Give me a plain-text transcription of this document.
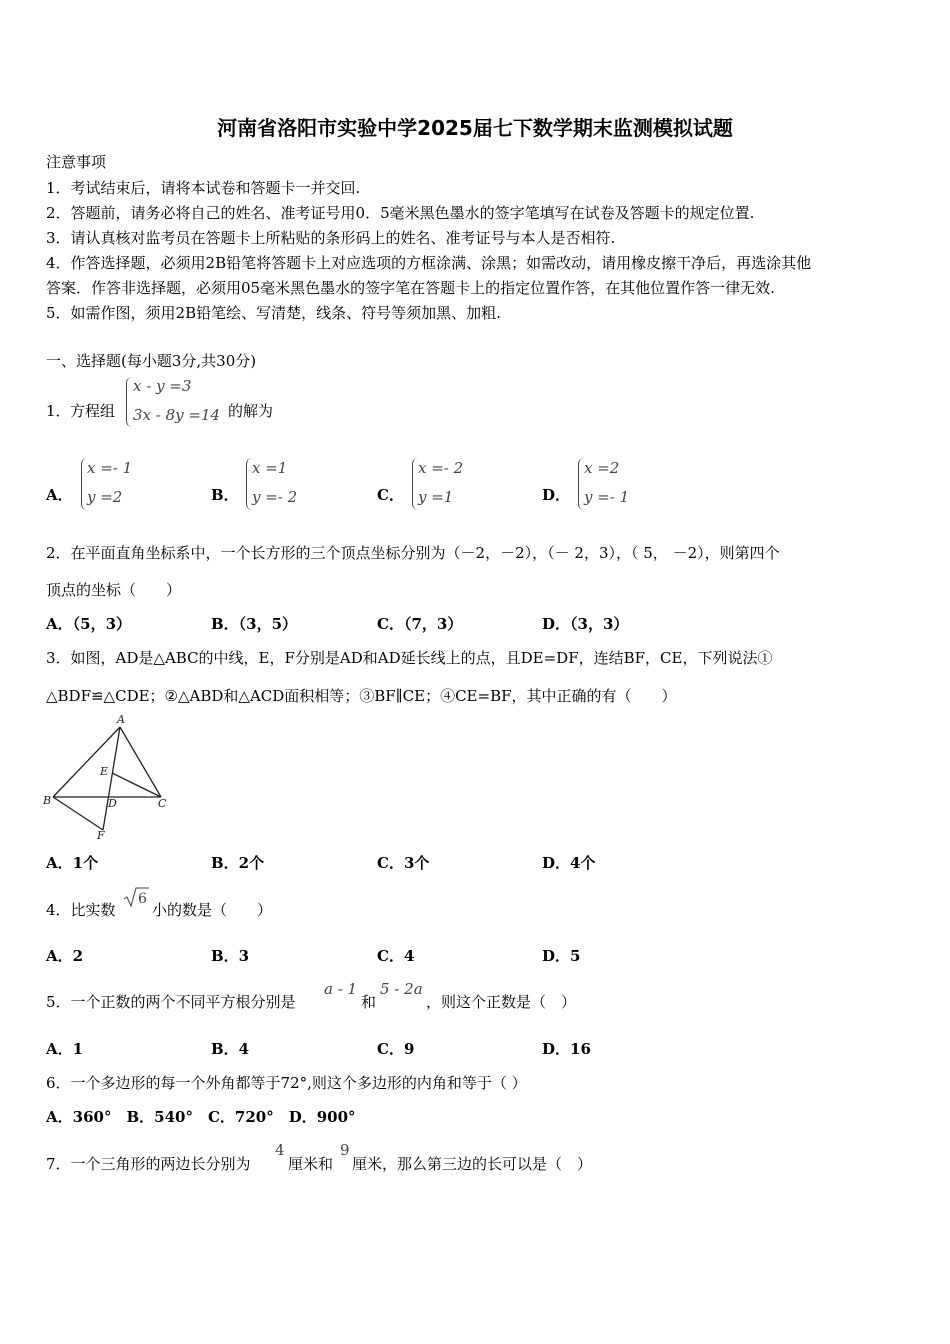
河南省洛阳市实验中学2025届七下数学期末监测模拟试题
注意事项
1．考试结束后，请将本试卷和答题卡一并交回.
2．答题前，请务必将自己的姓名、准考证号用0．5毫米黑色墨水的签字笔填写在试卷及答题卡的规定位置.
3．请认真核对监考员在答题卡上所粘贴的条形码上的姓名、准考证号与本人是否相符.
4．作答选择题，必须用2B铅笔将答题卡上对应选项的方框涂满、涂黑；如需改动，请用橡皮擦干净后，再选涂其他
答案．作答非选择题，必须用05毫米黑色墨水的签字笔在答题卡上的指定位置作答，在其他位置作答一律无效.
5．如需作图，须用2B铅笔绘、写清楚，线条、符号等须加黑、加粗.
一、选择题(每小题3分,共30分)
1． 方程组
x - y =3
3x - 8y =14 的解为
A．
x =- 1
y =2	B．
x =1
y =- 2	C．
x =- 2
y =1	D．
x =2
y =- 1
2．在平面直角坐标系中，一个长方形的三个顶点坐标分别为（－2，－2），（－ 2，3），（ 5， －2），则第四个
顶点的坐标（　　）
A．（5，3）	B．（3，5）	C．（7，3）	D．（3，3）
3．如图，AD是△ABC的中线，E，F分别是AD和AD延长线上的点，且DE=DF，连结BF，CE，下列说法①
△BDF≌△CDE；②△ABD和△ACD面积相等；③BF∥CE；④CE=BF，其中正确的有（　　）
A
B	C
D
E
F
A．1个	B．2个	C．3个	D．4个
4．比实数
6
小的数是（　　）
A．2	B．3	C．4	D．5
5．一个正数的两个不同平方根分别是
a - 1
和
5 - 2a
，则这个正数是（　）
A．1	B．4	C．9	D．16
6．一个多边形的每一个外角都等于72°,则这个多边形的内角和等于（ ）
A．360°　B．540°　C．720°　D．900°
7．一个三角形的两边长分别为
4
厘米和
9
厘米，那么第三边的长可以是（　）
